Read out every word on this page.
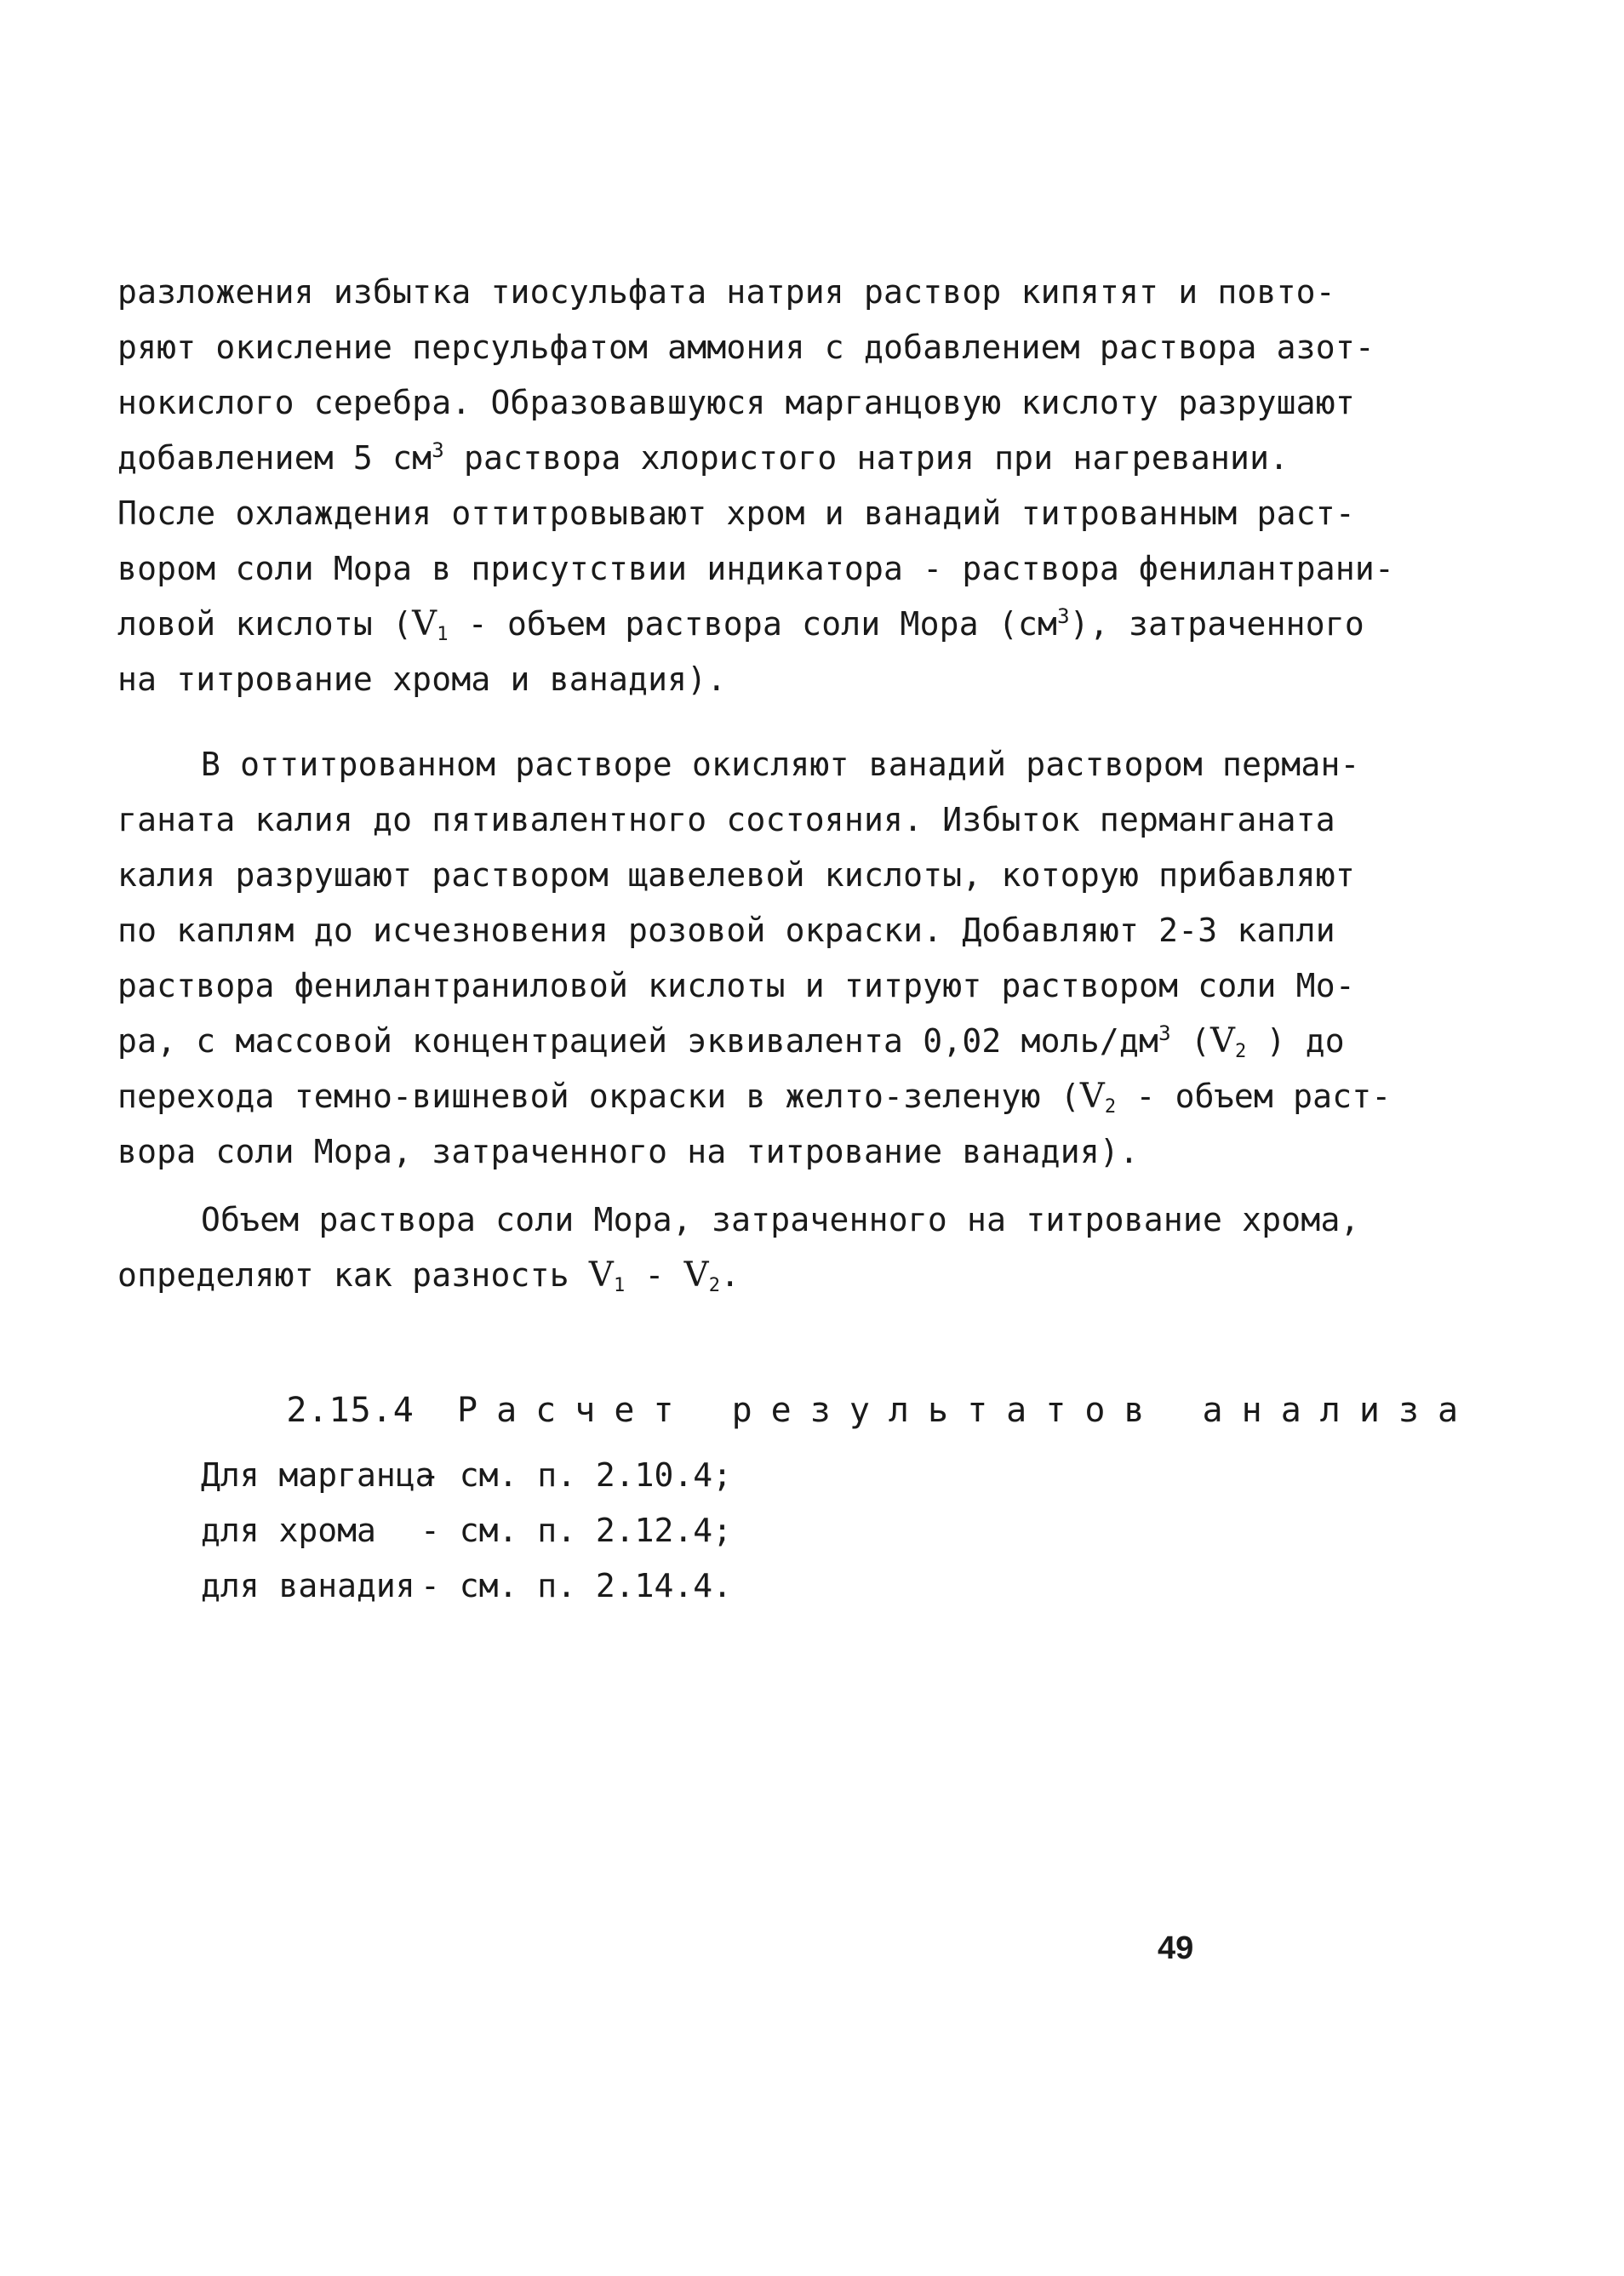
разложения избытка тиосульфата натрия раствор кипятят и повто-
ряют окисление персульфатом аммония с добавлением раствора азот-
нокислого серебра. Образовавшуюся марганцовую кислоту разрушают
добавлением 5 $см^3$ раствора хлористого натрия при нагревании.
После охлаждения оттитровывают хром и ванадий титрованным раст-
вором соли Мора в присутствии индикатора - раствора фенилантрани-
ловой кислоты ($V_1$ - объем раствора соли Мора $(см^3)$, затраченного
на титрование хрома и ванадия).
В оттитрованном растворе окисляют ванадий раствором перман-
ганата калия до пятивалентного состояния. Избыток перманганата
калия разрушают раствором щавелевой кислоты, которую прибавляют
по каплям до исчезновения розовой окраски. Добавляют 2-3 капли
раствора фенилантраниловой кислоты и титруют раствором соли Мо-
ра, с массовой концентрацией эквивалента 0,02 моль/$дм^3$ ($V_2$ ) до
перехода темно-вишневой окраски в желто-зеленую ($V_2$ - объем раст-
вора соли Мора, затраченного на титрование ванадия).
Объем раствора соли Мора, затраченного на титрование хрома,
определяют как разность $V_1 - V_2$.

2.15.4 Расчет результатов анализа

Для марганца
- см. п. 2.10.4;
для хрома	- см. п. 2.12.4;
для ванадия - см. п. 2.14.4.
49
